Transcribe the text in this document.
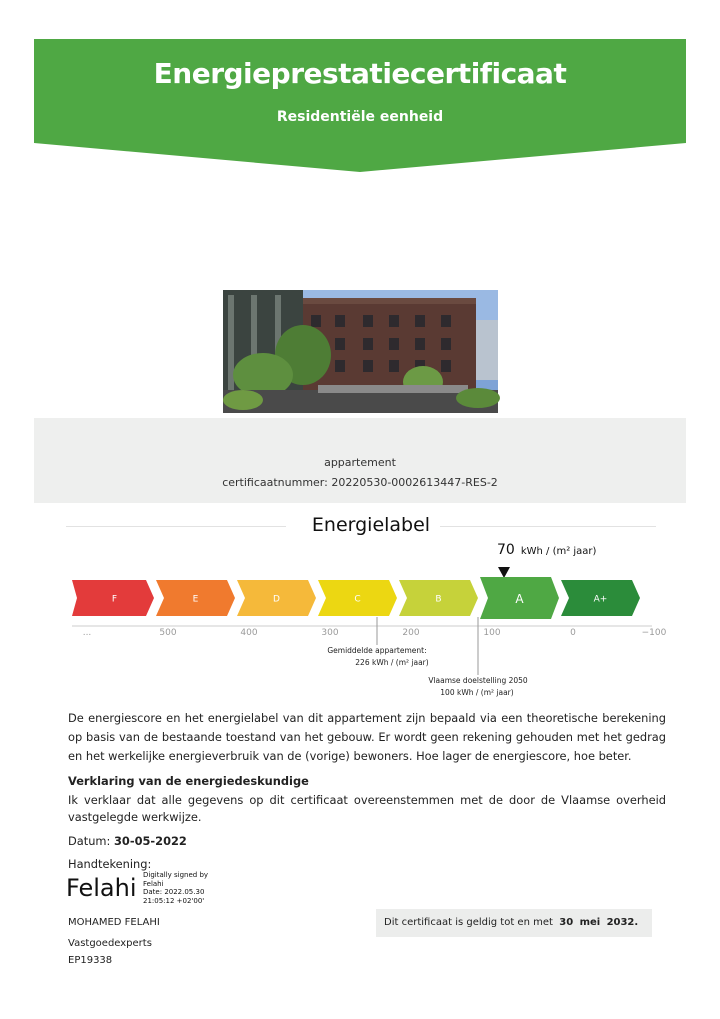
Energieprestatiecertificaat
Residentiële eenheid
appartement
certificaatnummer: 20220530-0002613447-RES-2
Energielabel
70 kWh / (m² jaar)
F	E	D	C	B	A	A+
...	500	400	300	200	100	0	−100
Gemiddelde appartement:
226 kWh / (m² jaar)
Vlaamse doelstelling 2050
100 kWh / (m² jaar)
De energiescore en het energielabel van dit appartement zijn bepaald via een theoretische berekening op basis van de bestaande toestand van het gebouw. Er wordt geen rekening gehouden met het gedrag en het werkelijke energieverbruik van de (vorige) bewoners. Hoe lager de energiescore, hoe beter.
Verklaring van de energiedeskundige
Ik verklaar dat alle gegevens op dit certificaat overeenstemmen met de door de Vlaamse overheid vastgelegde werkwijze.
Datum: 30-05-2022
Handtekening:
Felahi Digitally signed by
Felahi
Date: 2022.05.30
21:05:12 +02'00'
MOHAMED FELAHI
Vastgoedexperts
EP19338
Dit certificaat is geldig tot en met 30 mei 2032.
